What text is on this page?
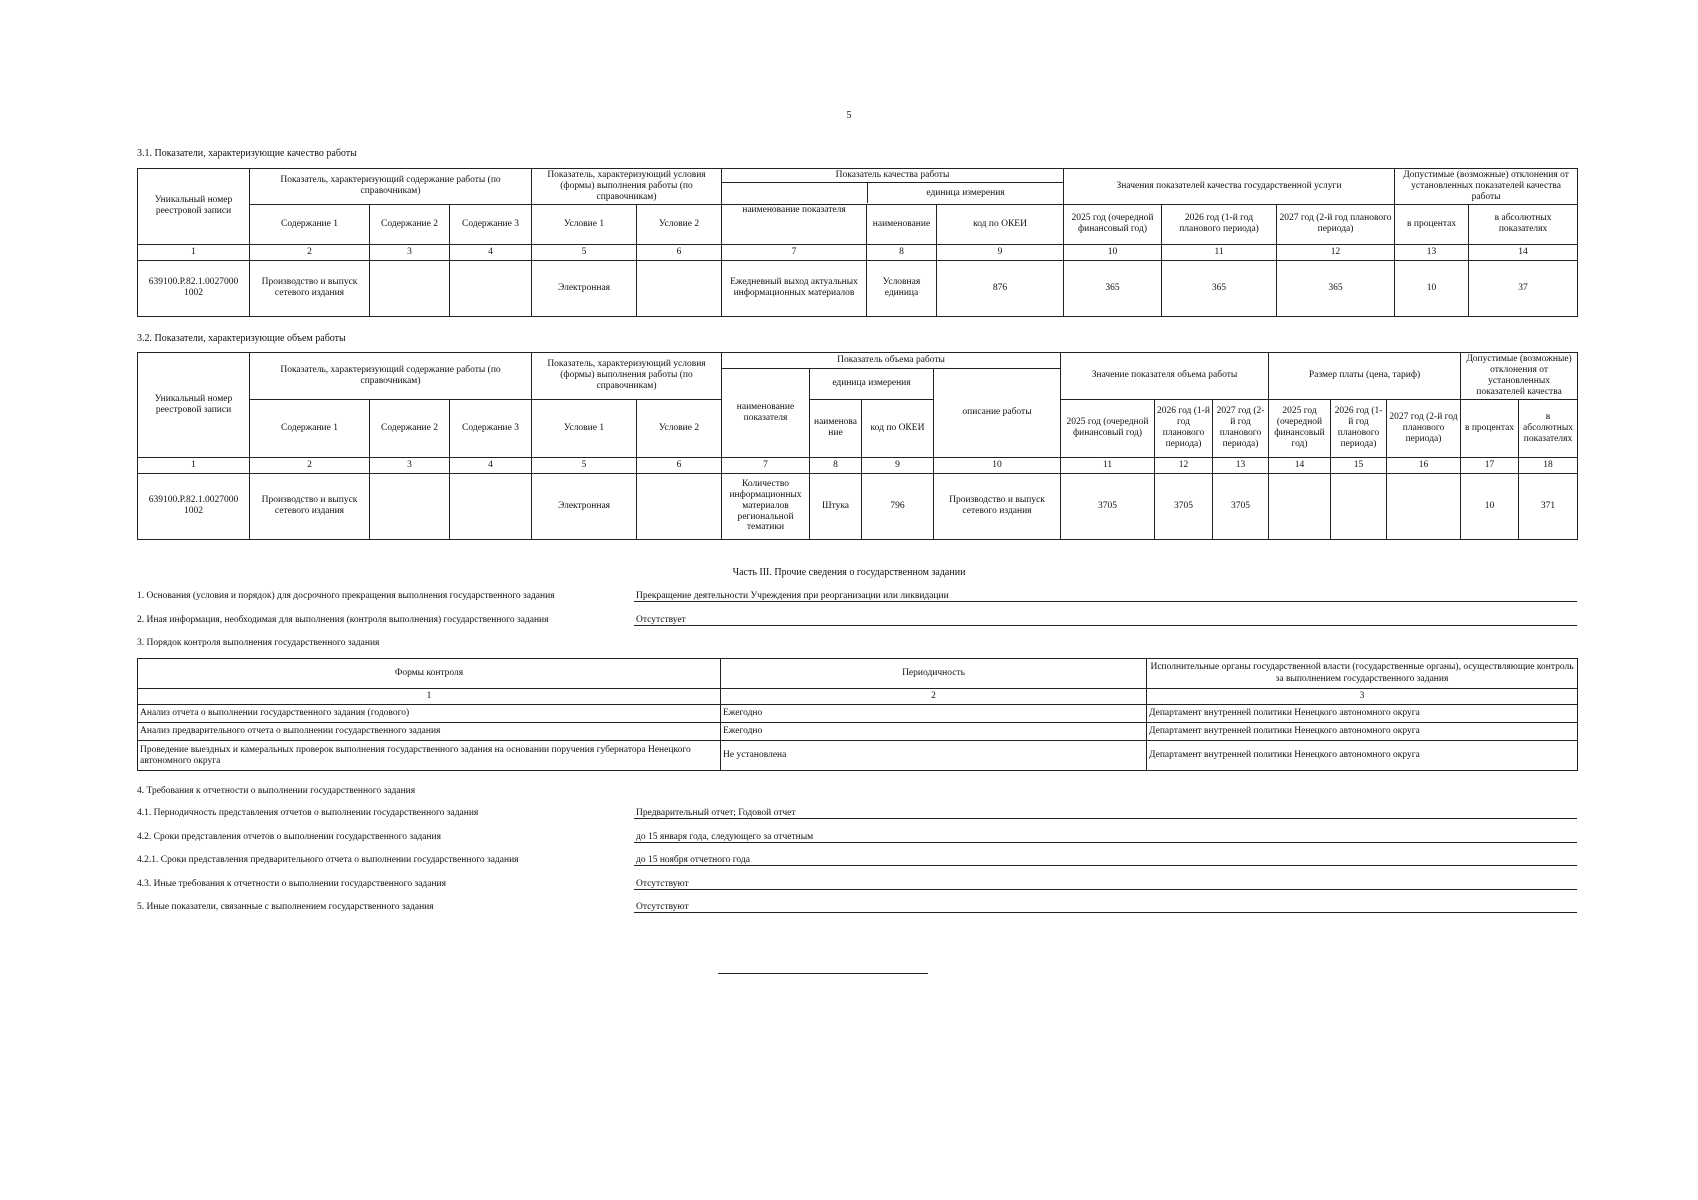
5
3.1. Показатели, характеризующие качество работы
Уникальный номер реестровой записи	Показатель, характеризующий содержание работы (по справочникам)			Показатель, характеризующий условия (формы) выполнения работы (по справочникам)		Показатель качества работы
единица измерения			Значения показателей качества государственной услуги			Допустимые (возможные) отклонения от установленных показателей качества работы	
	Содержание 1	Содержание 2	Содержание 3	Условие 1	Условие 2	наименование показателя	наименование	код по ОКЕИ	2025 год (очередной финансовый год)	2026 год (1-й год планового периода)	2027 год (2-й год планового периода)	в процентах	в абсолютных показателях
1	2	3	4	5	6	7	8	9	10	11	12	13	14
639100.Р.82.1.0027000 1002	Производство и выпуск сетевого издания			Электронная		Ежедневный выход актуальных информационных материалов	Условная единица	876	365	365	365	10	37
3.2. Показатели, характеризующие объем работы
Уникальный номер реестровой записи	Показатель, характеризующий содержание работы (по справочникам)			Показатель, характеризующий условия (формы) выполнения работы (по справочникам)		Показатель объема работы				Значение показателя объема работы			Размер платы (цена, тариф)			Допустимые (возможные) отклонения от установленных показателей качества	
						наименование показателя	единица измерения		описание работы								
	Содержание 1	Содержание 2	Содержание 3	Условие 1	Условие 2		наименование	код по ОКЕИ		2025 год (очередной финансовый год)	2026 год (1-й год планового периода)	2027 год (2-й год планового периода)	2025 год (очередной финансовый год)	2026 год (1-й год планового периода)	2027 год (2-й год планового периода)	в процентах	в абсолютных показателях
1	2	3	4	5	6	7	8	9	10	11	12	13	14	15	16	17	18
639100.Р.82.1.0027000 1002	Производство и выпуск сетевого издания			Электронная		Количество информационных материалов региональной тематики	Штука	796	Производство и выпуск сетевого издания	3705	3705	3705				10	371
Часть III. Прочие сведения о государственном задании
1. Основания (условия и порядок) для досрочного прекращения выполнения государственного задания	Прекращение деятельности Учреждения при реорганизации или ликвидации
2. Иная информация, необходимая для выполнения (контроля выполнения) государственного задания	Отсутствует
3. Порядок контроля выполнения государственного задания
Формы контроля	Периодичность	Исполнительные органы государственной власти (государственные органы), осуществляющие контроль за выполнением государственного задания
1	2	3
Анализ отчета о выполнении государственного задания (годового)	Ежегодно	Департамент внутренней политики Ненецкого автономного округа
Анализ предварительного отчета о выполнении государственного задания	Ежегодно	Департамент внутренней политики Ненецкого автономного округа
Проведение выездных и камеральных проверок выполнения государственного задания на основании поручения губернатора Ненецкого автономного округа	Не установлена	Департамент внутренней политики Ненецкого автономного округа
4. Требования к отчетности о выполнении государственного задания
4.1. Периодичность представления отчетов о выполнении государственного задания	Предварительный отчет; Годовой отчет
4.2. Сроки представления отчетов о выполнении государственного задания	до 15 января года, следующего за отчетным
4.2.1. Сроки представления предварительного отчета о выполнении государственного задания	до 15 ноября отчетного года
4.3. Иные требования к отчетности о выполнении государственного задания	Отсутствуют
5. Иные показатели, связанные с выполнением государственного задания	Отсутствуют
